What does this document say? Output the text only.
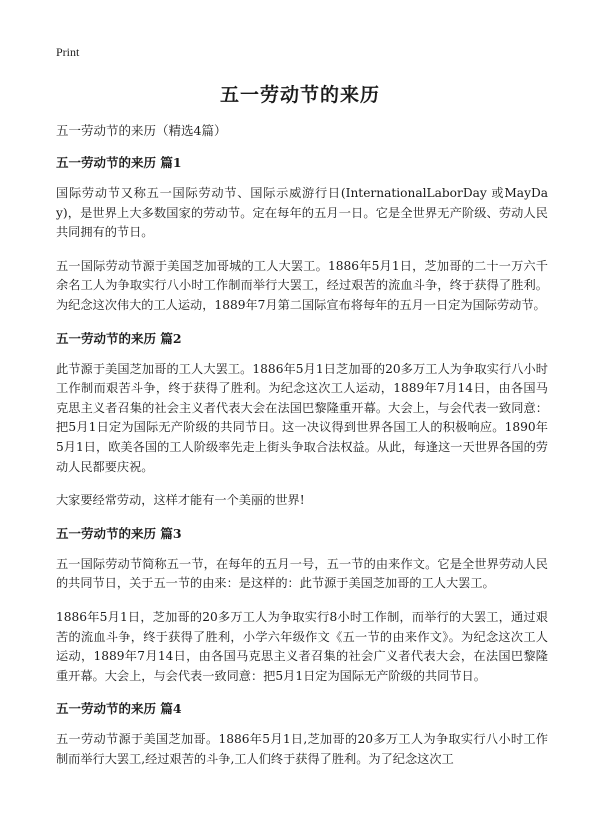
Print
五一劳动节的来历

五一劳动节的来历（精选4篇）

五一劳动节的来历 篇1

国际劳动节又称五一国际劳动节、国际示威游行日(InternationalLaborDay 或MayDay)，是世界上大多数国家的劳动节。定在每年的五月一日。它是全世界无产阶级、劳动人民共同拥有的节日。

五一国际劳动节源于美国芝加哥城的工人大罢工。1886年5月1日，芝加哥的二十一万六千余名工人为争取实行八小时工作制而举行大罢工，经过艰苦的流血斗争，终于获得了胜利。为纪念这次伟大的工人运动，1889年7月第二国际宣布将每年的五月一日定为国际劳动节。

五一劳动节的来历 篇2

此节源于美国芝加哥的工人大罢工。1886年5月1日芝加哥的20多万工人为争取实行八小时工作制而艰苦斗争，终于获得了胜利。为纪念这次工人运动，1889年7月14日，由各国马克思主义者召集的社会主义者代表大会在法国巴黎隆重开幕。大会上，与会代表一致同意：把5月1日定为国际无产阶级的共同节日。这一决议得到世界各国工人的积极响应。1890年5月1日，欧美各国的工人阶级率先走上街头争取合法权益。从此，每逢这一天世界各国的劳动人民都要庆祝。

大家要经常劳动，这样才能有一个美丽的世界!

五一劳动节的来历 篇3

五一国际劳动节简称五一节，在每年的五月一号，五一节的由来作文。它是全世界劳动人民的共同节日，关于五一节的由来：是这样的：此节源于美国芝加哥的工人大罢工。

1886年5月1日，芝加哥的20多万工人为争取实行8小时工作制，而举行的大罢工，通过艰苦的流血斗争，终于获得了胜利，小学六年级作文《五一节的由来作文》。为纪念这次工人运动，1889年7月14日，由各国马克思主义者召集的社会广义者代表大会，在法国巴黎隆重开幕。大会上，与会代表一致同意：把5月1日定为国际无产阶级的共同节日。

五一劳动节的来历 篇4

五一劳动节源于美国芝加哥。1886年5月1日,芝加哥的20多万工人为争取实行八小时工作制而举行大罢工,经过艰苦的斗争,工人们终于获得了胜利。为了纪念这次工
